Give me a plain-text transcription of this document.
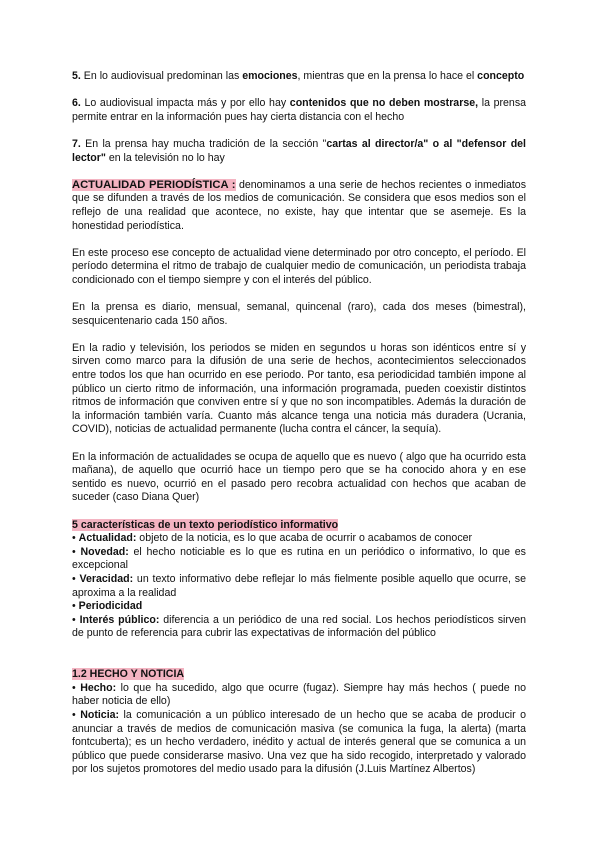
5. En lo audiovisual predominan las emociones, mientras que en la prensa lo hace el concepto

6. Lo audiovisual impacta más y por ello hay contenidos que no deben mostrarse, la prensa permite entrar en la información pues hay cierta distancia con el hecho

7. En la prensa hay mucha tradición de la sección "cartas al director/a" o al "defensor del lector" en la televisión no lo hay

ACTUALIDAD PERIODÍSTICA : denominamos a una serie de hechos recientes o inmediatos que se difunden a través de los medios de comunicación. Se considera que esos medios son el reflejo de una realidad que acontece, no existe, hay que intentar que se asemeje. Es la honestidad periodística.

En este proceso ese concepto de actualidad viene determinado por otro concepto, el período. El período determina el ritmo de trabajo de cualquier medio de comunicación, un periodista trabaja condicionado con el tiempo siempre y con el interés del público.

En la prensa es diario, mensual, semanal, quincenal (raro), cada dos meses (bimestral), sesquicentenario cada 150 años.

En la radio y televisión, los periodos se miden en segundos u horas son idénticos entre sí y sirven como marco para la difusión de una serie de hechos, acontecimientos seleccionados entre todos los que han ocurrido en ese periodo. Por tanto, esa periodicidad también impone al público un cierto ritmo de información, una información programada, pueden coexistir distintos ritmos de información que conviven entre sí y que no son incompatibles. Además la duración de la información también varía. Cuanto más alcance tenga una noticia más duradera (Ucrania, COVID), noticias de actualidad permanente (lucha contra el cáncer, la sequía).

En la información de actualidades se ocupa de aquello que es nuevo ( algo que ha ocurrido esta mañana), de aquello que ocurrió hace un tiempo pero que se ha conocido ahora y en ese sentido es nuevo, ocurrió en el pasado pero recobra actualidad con hechos que acaban de suceder (caso Diana Quer)

5 características de un texto periodístico informativo

• Actualidad: objeto de la noticia, es lo que acaba de ocurrir o acabamos de conocer

• Novedad: el hecho noticiable es lo que es rutina en un periódico o informativo, lo que es excepcional

• Veracidad: un texto informativo debe reflejar lo más fielmente posible aquello que ocurre, se aproxima a la realidad

• Periodicidad

• Interés público: diferencia a un periódico de una red social. Los hechos periodísticos sirven de punto de referencia para cubrir las expectativas de información del público

1.2 HECHO Y NOTICIA

• Hecho: lo que ha sucedido, algo que ocurre (fugaz). Siempre hay más hechos ( puede no haber noticia de ello)

• Noticia: la comunicación a un público interesado de un hecho que se acaba de producir o anunciar a través de medios de comunicación masiva (se comunica la fuga, la alerta) (marta fontcuberta); es un hecho verdadero, inédito y actual de interés general que se comunica a un público que puede considerarse masivo. Una vez que ha sido recogido, interpretado y valorado por los sujetos promotores del medio usado para la difusión (J.Luis Martínez Albertos)
